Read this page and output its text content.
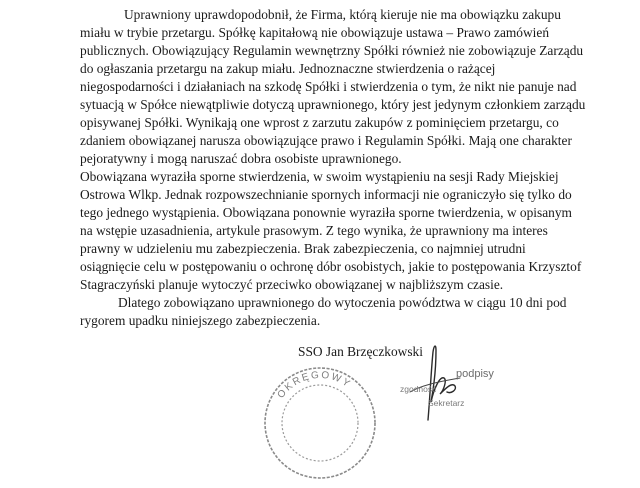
Uprawniony uprawdopodobnił, że Firma, którą kieruje nie ma obowiązku zakupu
miału w trybie przetargu. Spółkę kapitałową nie obowiązuje ustawa – Prawo zamówień
publicznych. Obowiązujący Regulamin wewnętrzny Spółki również nie zobowiązuje Zarządu
do ogłaszania przetargu na zakup miału. Jednoznaczne stwierdzenia o rażącej
niegospodarności i działaniach na szkodę Spółki i stwierdzenia o tym, że nikt nie panuje nad
sytuacją w Spółce niewątpliwie dotyczą uprawnionego, który jest jedynym członkiem zarządu
opisywanej Spółki. Wynikają one wprost z zarzutu zakupów z pominięciem przetargu, co
zdaniem obowiązanej narusza obowiązujące prawo i Regulamin Spółki. Mają one charakter
pejoratywny i mogą naruszać dobra osobiste uprawnionego.
Obowiązana wyraziła sporne stwierdzenia, w swoim wystąpieniu na sesji Rady Miejskiej
Ostrowa Wlkp. Jednak rozpowszechnianie spornych informacji nie ograniczyło się tylko do
tego jednego wystąpienia. Obowiązana ponownie wyraziła sporne twierdzenia, w opisanym
na wstępie uzasadnienia, artykule prasowym. Z tego wynika, że uprawniony ma interes
prawny w udzieleniu mu zabezpieczenia. Brak zabezpieczenia, co najmniej utrudni
osiągnięcie celu w postępowaniu o ochronę dóbr osobistych, jakie to postępowania Krzysztof
Stagraczyński planuje wytoczyć przeciwko obowiązanej w najbliższym czasie.
Dlatego zobowiązano uprawnionego do wytoczenia powództwa w ciągu 10 dni pod
rygorem upadku niniejszego zabezpieczenia.
SSO Jan Brzęczkowski
OKRĘGOWY
podpisy
zgodność
Sekretarz
